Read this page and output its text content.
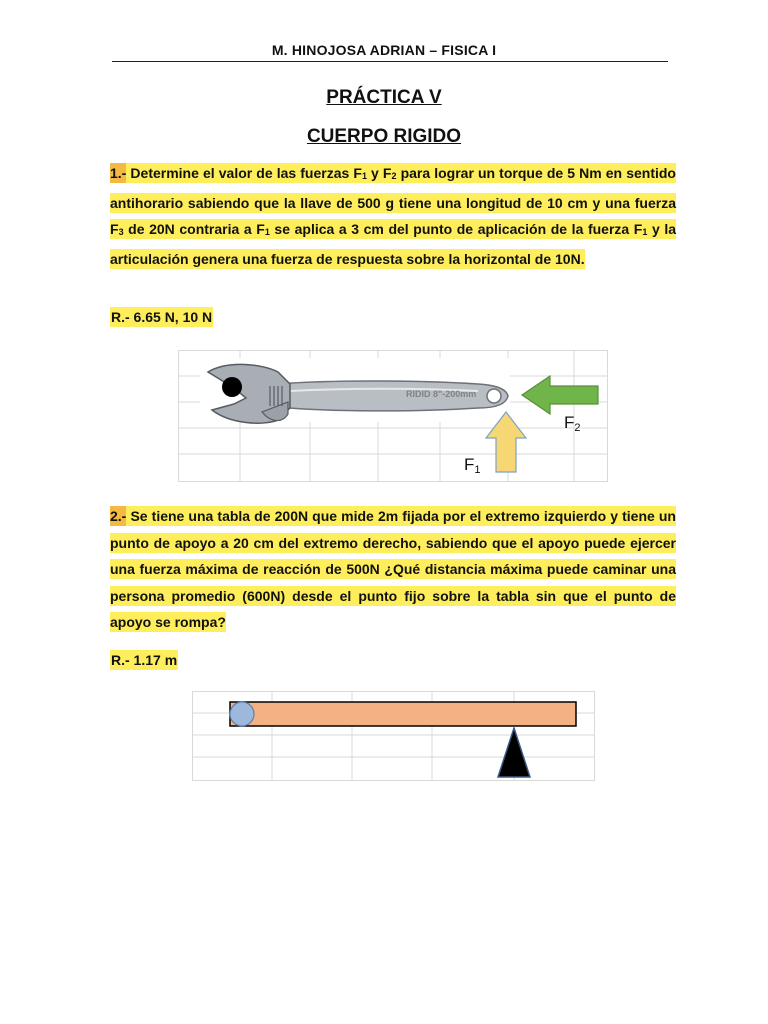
M. HINOJOSA ADRIAN – FISICA I
PRÁCTICA V
CUERPO RIGIDO
1.- Determine el valor de las fuerzas $F_1$ y $F_2$ para lograr un torque de 5 Nm en sentido antihorario sabiendo que la llave de 500 g tiene una longitud de 10 cm y una fuerza $F_3$ de 20N contraria a $F_1$ se aplica a 3 cm del punto de aplicación de la fuerza $F_1$ y la articulación genera una fuerza de respuesta sobre la horizontal de 10N.
R.- 6.65 N, 10 N
RIDID 8"-200mm
F2
F1
2.- Se tiene una tabla de 200N que mide 2m fijada por el extremo izquierdo y tiene un punto de apoyo a 20 cm del extremo derecho, sabiendo que el apoyo puede ejercer una fuerza máxima de reacción de 500N ¿Qué distancia máxima puede caminar una persona promedio (600N) desde el punto fijo sobre la tabla sin que el punto de apoyo se rompa?
R.- 1.17 m
